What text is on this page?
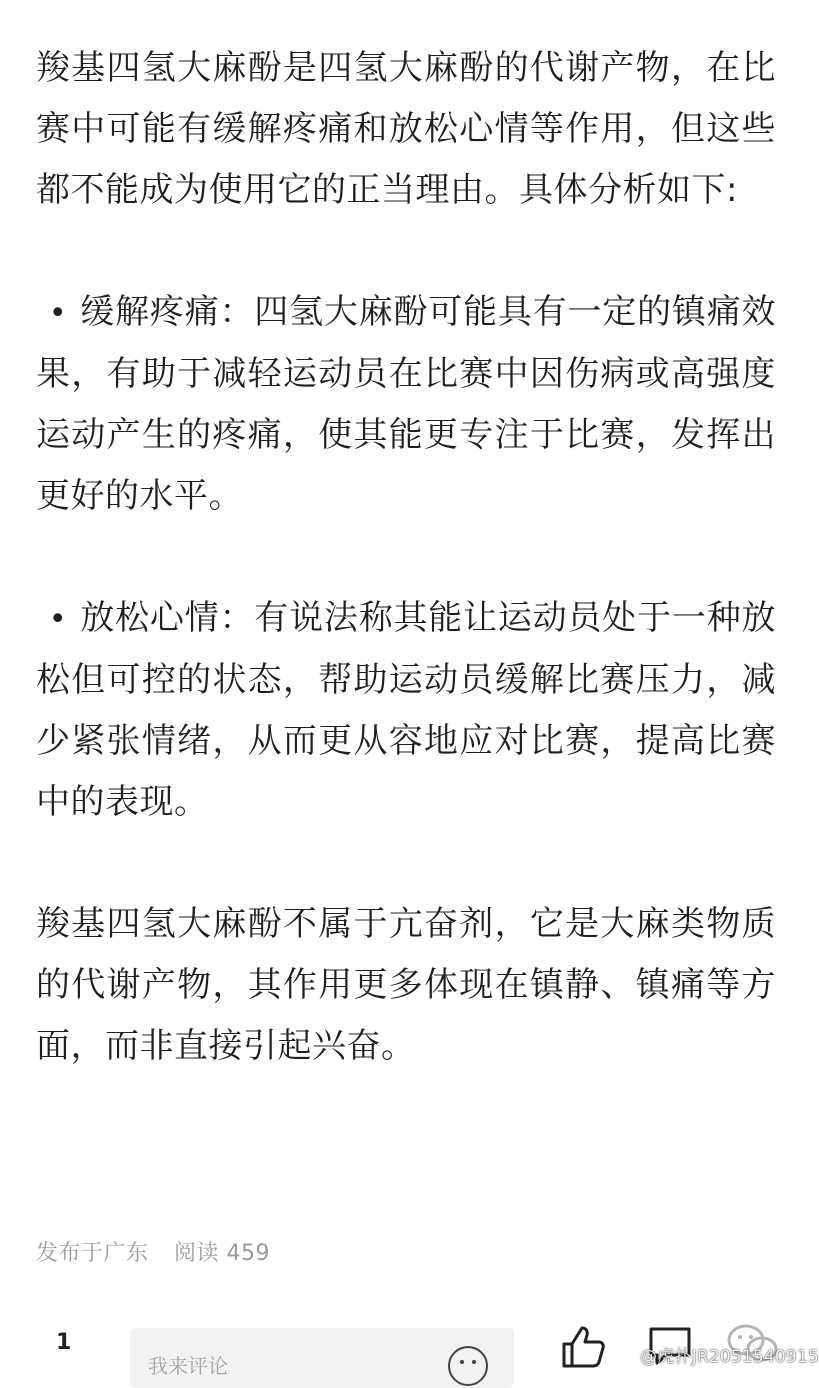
羧基四氢大麻酚是四氢大麻酚的代谢产物，在比赛中可能有缓解疼痛和放松心情等作用，但这些都不能成为使用它的正当理由。具体分析如下:

• 缓解疼痛：四氢大麻酚可能具有一定的镇痛效果，有助于减轻运动员在比赛中因伤病或高强度运动产生的疼痛，使其能更专注于比赛，发挥出更好的水平。

• 放松心情：有说法称其能让运动员处于一种放松但可控的状态，帮助运动员缓解比赛压力，减少紧张情绪，从而更从容地应对比赛，提高比赛中的表现。

羧基四氢大麻酚不属于亢奋剂，它是大麻类物质的代谢产物，其作用更多体现在镇静、镇痛等方面，而非直接引起兴奋。

发布于广东 阅读 459
1
我来评论	@虎扑JR2051540915
